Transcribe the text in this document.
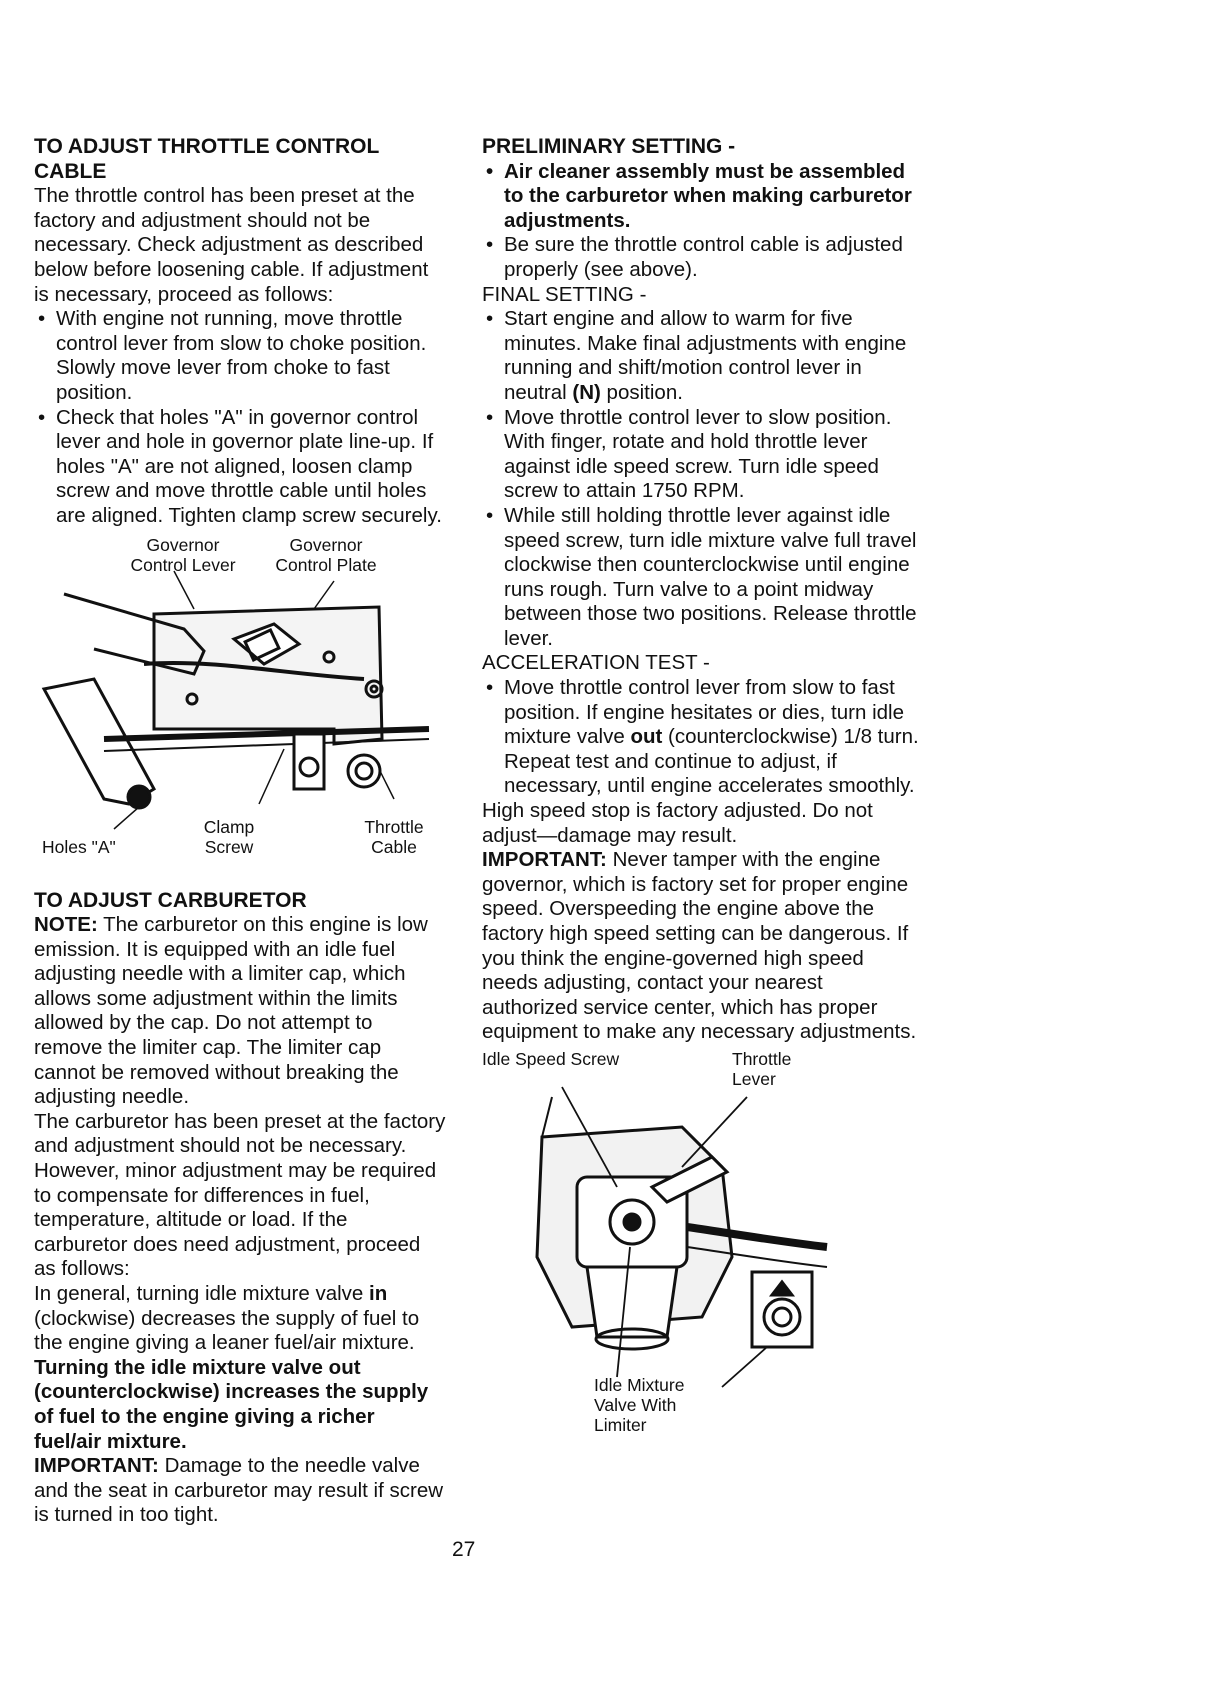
TO ADJUST THROTTLE CONTROL CABLE

The throttle control has been preset at the factory and adjustment should not be necessary. Check adjustment as described below before loosening cable. If adjustment is necessary, proceed as follows:

• With engine not running, move throttle control lever from slow to choke position. Slowly move lever from choke to fast position.
• Check that holes "A" in governor control lever and hole in governor plate line-up. If holes "A" are not aligned, loosen clamp screw and move throttle cable until holes are aligned. Tighten clamp screw securely.
Governor Control Lever
Governor Control Plate
Holes "A"
Clamp Screw
Throttle Cable
TO ADJUST CARBURETOR

NOTE: The carburetor on this engine is low emission. It is equipped with an idle fuel adjusting needle with a limiter cap, which allows some adjustment within the limits allowed by the cap. Do not attempt to remove the limiter cap. The limiter cap cannot be removed without breaking the adjusting needle.

The carburetor has been preset at the factory and adjustment should not be necessary. However, minor adjustment may be required to compensate for differences in fuel, temperature, altitude or load. If the carburetor does need adjustment, proceed as follows:

In general, turning idle mixture valve in (clockwise) decreases the supply of fuel to the engine giving a leaner fuel/air mixture. Turning the idle mixture valve out (counterclockwise) increases the supply of fuel to the engine giving a richer fuel/air mixture.

IMPORTANT: Damage to the needle valve and the seat in carburetor may result if screw is turned in too tight.

PRELIMINARY SETTING -
• Air cleaner assembly must be assembled to the carburetor when making carburetor adjustments.
• Be sure the throttle control cable is adjusted properly (see above).

FINAL SETTING -

• Start engine and allow to warm for five minutes. Make final adjustments with engine running and shift/motion control lever in neutral (N) position.
• Move throttle control lever to slow position. With finger, rotate and hold throttle lever against idle speed screw. Turn idle speed screw to attain 1750 RPM.
• While still holding throttle lever against idle speed screw, turn idle mixture valve full travel clockwise then counterclockwise until engine runs rough. Turn valve to a point midway between those two positions. Release throttle lever.

ACCELERATION TEST -

• Move throttle control lever from slow to fast position. If engine hesitates or dies, turn idle mixture valve out (counterclockwise) 1/8 turn. Repeat test and continue to adjust, if necessary, until engine accelerates smoothly.

High speed stop is factory adjusted. Do not adjust—damage may result.

IMPORTANT: Never tamper with the engine governor, which is factory set for proper engine speed. Overspeeding the engine above the factory high speed setting can be dangerous. If you think the engine-governed high speed needs adjusting, contact your nearest authorized service center, which has proper equipment to make any necessary adjustments.

Idle Speed Screw	Throttle Lever
Idle Mixture Valve With Limiter
27
